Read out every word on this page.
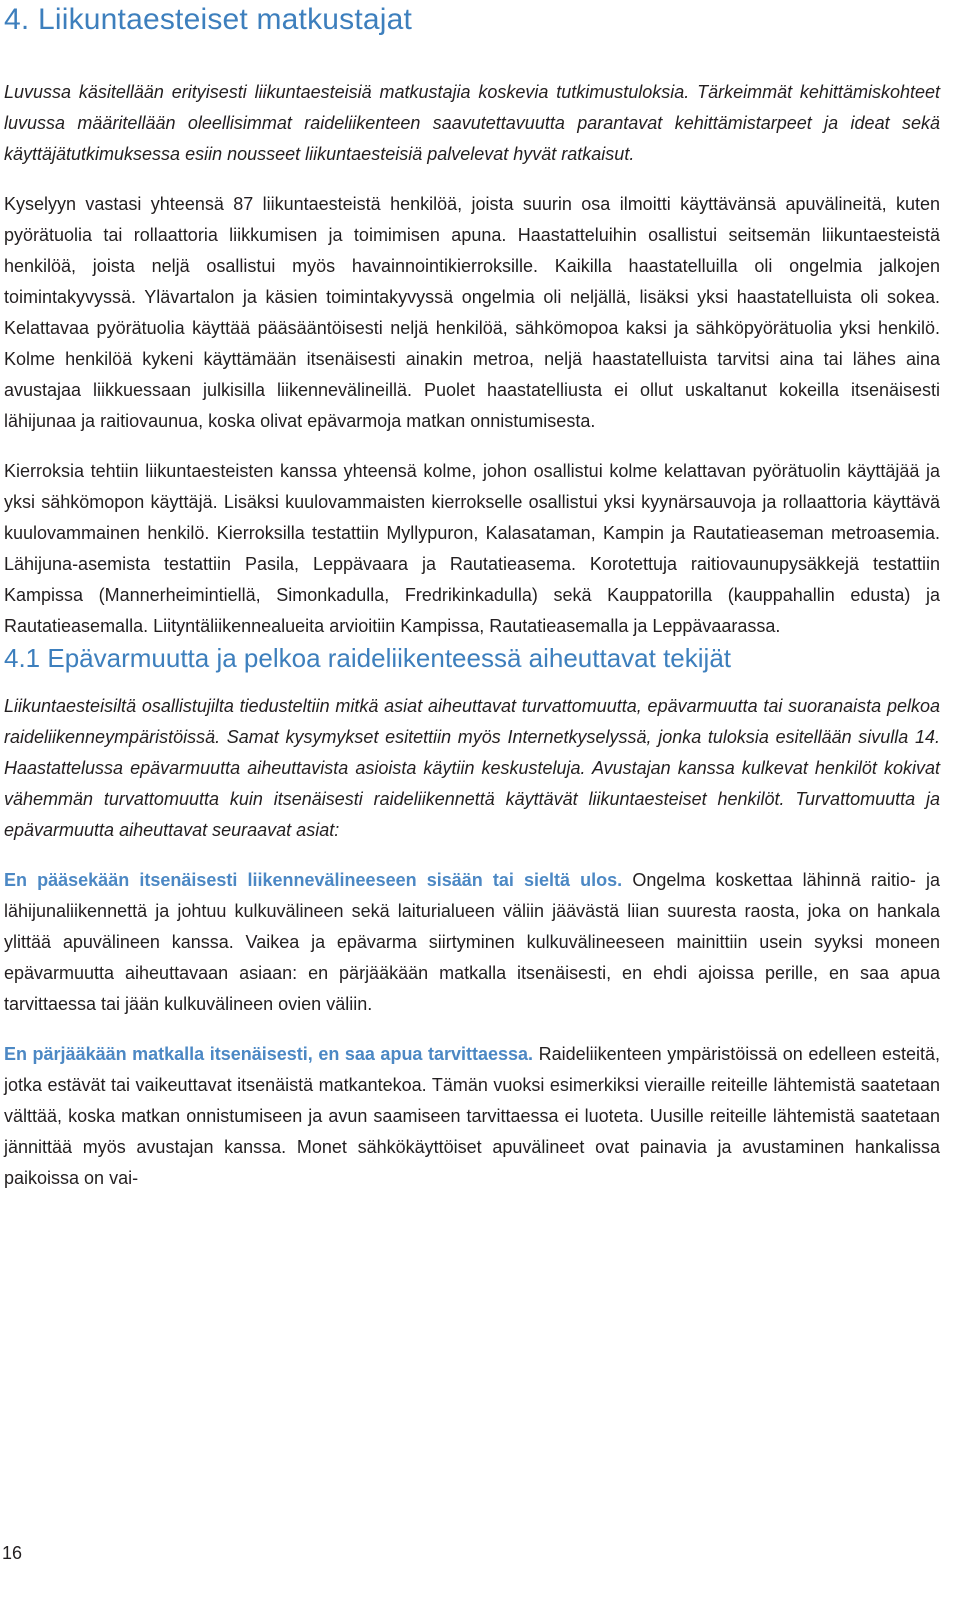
4. Liikuntaesteiset matkustajat

Luvussa käsitellään erityisesti liikuntaesteisiä matkustajia koskevia tutkimustuloksia. Tärkeimmät kehittämiskohteet luvussa määritellään oleellisimmat raideliikenteen saavutettavuutta parantavat kehittämistarpeet ja ideat sekä käyttäjätutkimuksessa esiin nousseet liikuntaesteisiä palvelevat hyvät ratkaisut.

Kyselyyn vastasi yhteensä 87 liikuntaesteistä henkilöä, joista suurin osa ilmoitti käyttävänsä apuvälineitä, kuten pyörätuolia tai rollaattoria liikkumisen ja toimimisen apuna. Haastatteluihin osallistui seitsemän liikuntaesteistä henkilöä, joista neljä osallistui myös havainnointikierroksille. Kaikilla haastatelluilla oli ongelmia jalkojen toimintakyvyssä. Ylävartalon ja käsien toimintakyvyssä ongelmia oli neljällä, lisäksi yksi haastatelluista oli sokea. Kelattavaa pyörätuolia käyttää pääsääntöisesti neljä henkilöä, sähkömopoa kaksi ja sähköpyörätuolia yksi henkilö. Kolme henkilöä kykeni käyttämään itsenäisesti ainakin metroa, neljä haastatelluista tarvitsi aina tai lähes aina avustajaa liikkuessaan julkisilla liikennevälineillä. Puolet haastatelliusta ei ollut uskaltanut kokeilla itsenäisesti lähijunaa ja raitiovaunua, koska olivat epävarmoja matkan onnistumisesta.

Kierroksia tehtiin liikuntaesteisten kanssa yhteensä kolme, johon osallistui kolme kelattavan pyörätuolin käyttäjää ja yksi sähkömopon käyttäjä. Lisäksi kuulovammaisten kierrokselle osallistui yksi kyynärsauvoja ja rollaattoria käyttävä kuulovammainen henkilö. Kierroksilla testattiin Myllypuron, Kalasataman, Kampin ja Rautatieaseman metroasemia. Lähijuna-asemista testattiin Pasila, Leppävaara ja Rautatieasema. Korotettuja raitiovaunupysäkkejä testattiin Kampissa (Mannerheimintiellä, Simonkadulla, Fredrikinkadulla) sekä Kauppatorilla (kauppahallin edusta) ja Rautatieasemalla. Liityntäliikennealueita arvioitiin Kampissa, Rautatieasemalla ja Leppävaarassa.

4.1 Epävarmuutta ja pelkoa raideliikenteessä aiheuttavat tekijät

Liikuntaesteisiltä osallistujilta tiedusteltiin mitkä asiat aiheuttavat turvattomuutta, epävarmuutta tai suoranaista pelkoa raideliikenneympäristöissä. Samat kysymykset esitettiin myös Internetkyselyssä, jonka tuloksia esitellään sivulla 14. Haastattelussa epävarmuutta aiheuttavista asioista käytiin keskusteluja. Avustajan kanssa kulkevat henkilöt kokivat vähemmän turvattomuutta kuin itsenäisesti raideliikennettä käyttävät liikuntaesteiset henkilöt. Turvattomuutta ja epävarmuutta aiheuttavat seuraavat asiat:

En pääsekään itsenäisesti liikennevälineeseen sisään tai sieltä ulos. Ongelma koskettaa lähinnä raitio- ja lähijunaliikennettä ja johtuu kulkuvälineen sekä laiturialueen väliin jäävästä liian suuresta raosta, joka on hankala ylittää apuvälineen kanssa. Vaikea ja epävarma siirtyminen kulkuvälineeseen mainittiin usein syyksi moneen epävarmuutta aiheuttavaan asiaan: en pärjääkään matkalla itsenäisesti, en ehdi ajoissa perille, en saa apua tarvittaessa tai jään kulkuvälineen ovien väliin.

En pärjääkään matkalla itsenäisesti, en saa apua tarvittaessa. Raideliikenteen ympäristöissä on edelleen esteitä, jotka estävät tai vaikeuttavat itsenäistä matkantekoa. Tämän vuoksi esimerkiksi vieraille reiteille lähtemistä saatetaan välttää, koska matkan onnistumiseen ja avun saamiseen tarvittaessa ei luoteta. Uusille reiteille lähtemistä saatetaan jännittää myös avustajan kanssa. Monet sähkökäyttöiset apuvälineet ovat painavia ja avustaminen hankalissa paikoissa on vai-

16
